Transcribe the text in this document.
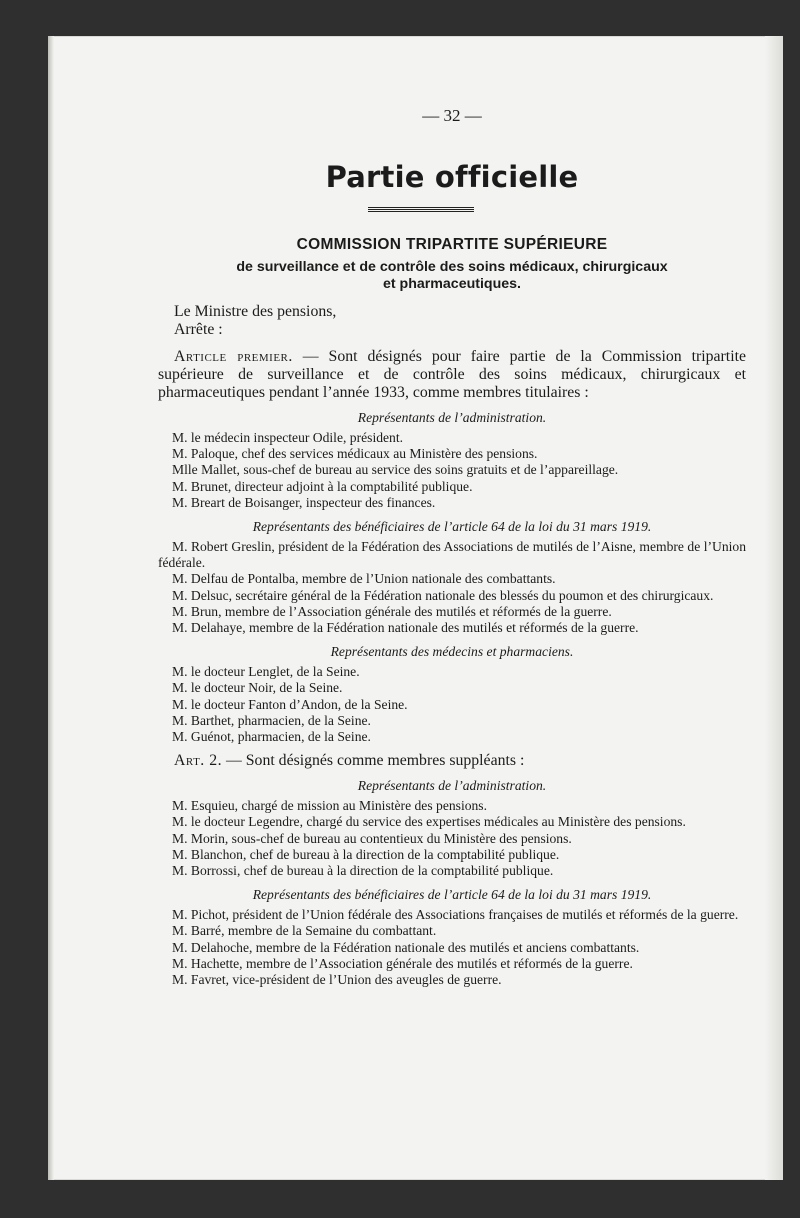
— 32 —
Partie officielle
COMMISSION TRIPARTITE SUPÉRIEURE
de surveillance et de contrôle des soins médicaux, chirurgicaux
et pharmaceutiques.

Le Ministre des pensions,

Arrête :

Article premier. — Sont désignés pour faire partie de la Commission tripartite supérieure de surveillance et de contrôle des soins médicaux, chirurgicaux et pharmaceutiques pendant l’année 1933, comme membres titulaires :

Représentants de l’administration.

M. le médecin inspecteur Odile, président.

M. Paloque, chef des services médicaux au Ministère des pensions.

Mlle Mallet, sous-chef de bureau au service des soins gratuits et de l’appareillage.

M. Brunet, directeur adjoint à la comptabilité publique.

M. Breart de Boisanger, inspecteur des finances.

Représentants des bénéficiaires de l’article 64 de la loi du 31 mars 1919.

M. Robert Greslin, président de la Fédération des Associations de mutilés de l’Aisne, membre de l’Union fédérale.

M. Delfau de Pontalba, membre de l’Union nationale des combattants.

M. Delsuc, secrétaire général de la Fédération nationale des blessés du poumon et des chirurgicaux.

M. Brun, membre de l’Association générale des mutilés et réformés de la guerre.

M. Delahaye, membre de la Fédération nationale des mutilés et réformés de la guerre.

Représentants des médecins et pharmaciens.

M. le docteur Lenglet, de la Seine.

M. le docteur Noir, de la Seine.

M. le docteur Fanton d’Andon, de la Seine.

M. Barthet, pharmacien, de la Seine.

M. Guénot, pharmacien, de la Seine.

Art. 2. — Sont désignés comme membres suppléants :

Représentants de l’administration.

M. Esquieu, chargé de mission au Ministère des pensions.

M. le docteur Legendre, chargé du service des expertises médicales au Ministère des pensions.

M. Morin, sous-chef de bureau au contentieux du Ministère des pensions.

M. Blanchon, chef de bureau à la direction de la comptabilité publique.

M. Borrossi, chef de bureau à la direction de la comptabilité publique.

Représentants des bénéficiaires de l’article 64 de la loi du 31 mars 1919.

M. Pichot, président de l’Union fédérale des Associations françaises de mutilés et réformés de la guerre.

M. Barré, membre de la Semaine du combattant.

M. Delahoche, membre de la Fédération nationale des mutilés et anciens combattants.

M. Hachette, membre de l’Association générale des mutilés et réformés de la guerre.

M. Favret, vice-président de l’Union des aveugles de guerre.
